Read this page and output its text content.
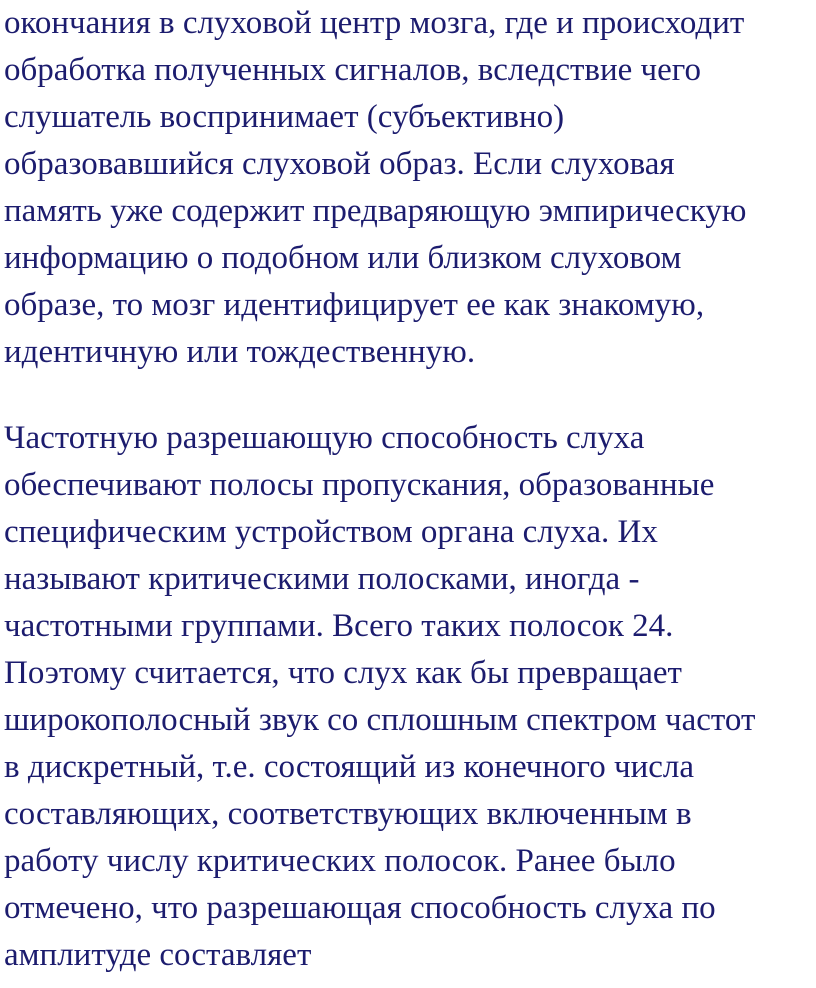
окончания в слуховой центр мозга, где и происходит
обработка полученных сигналов, вследствие чего
слушатель воспринимает (субъективно)
образовавшийся слуховой образ. Если слуховая
память уже содержит предваряющую эмпирическую
информацию о подобном или близком слуховом
образе, то мозг идентифицирует ее как знакомую,
идентичную или тождественную.
Частотную разрешающую способность слуха
обеспечивают полосы пропускания, образованные
специфическим устройством органа слуха. Их
называют критическими полосками, иногда -
частотными группами. Всего таких полосок 24.
Поэтому считается, что слух как бы превращает
широкополосный звук со сплошным спектром частот
в дискретный, т.е. состоящий из конечного числа
составляющих, соответствующих включенным в
работу числу критических полосок. Ранее было
отмечено, что разрешающая способность слуха по
амплитуде составляет
